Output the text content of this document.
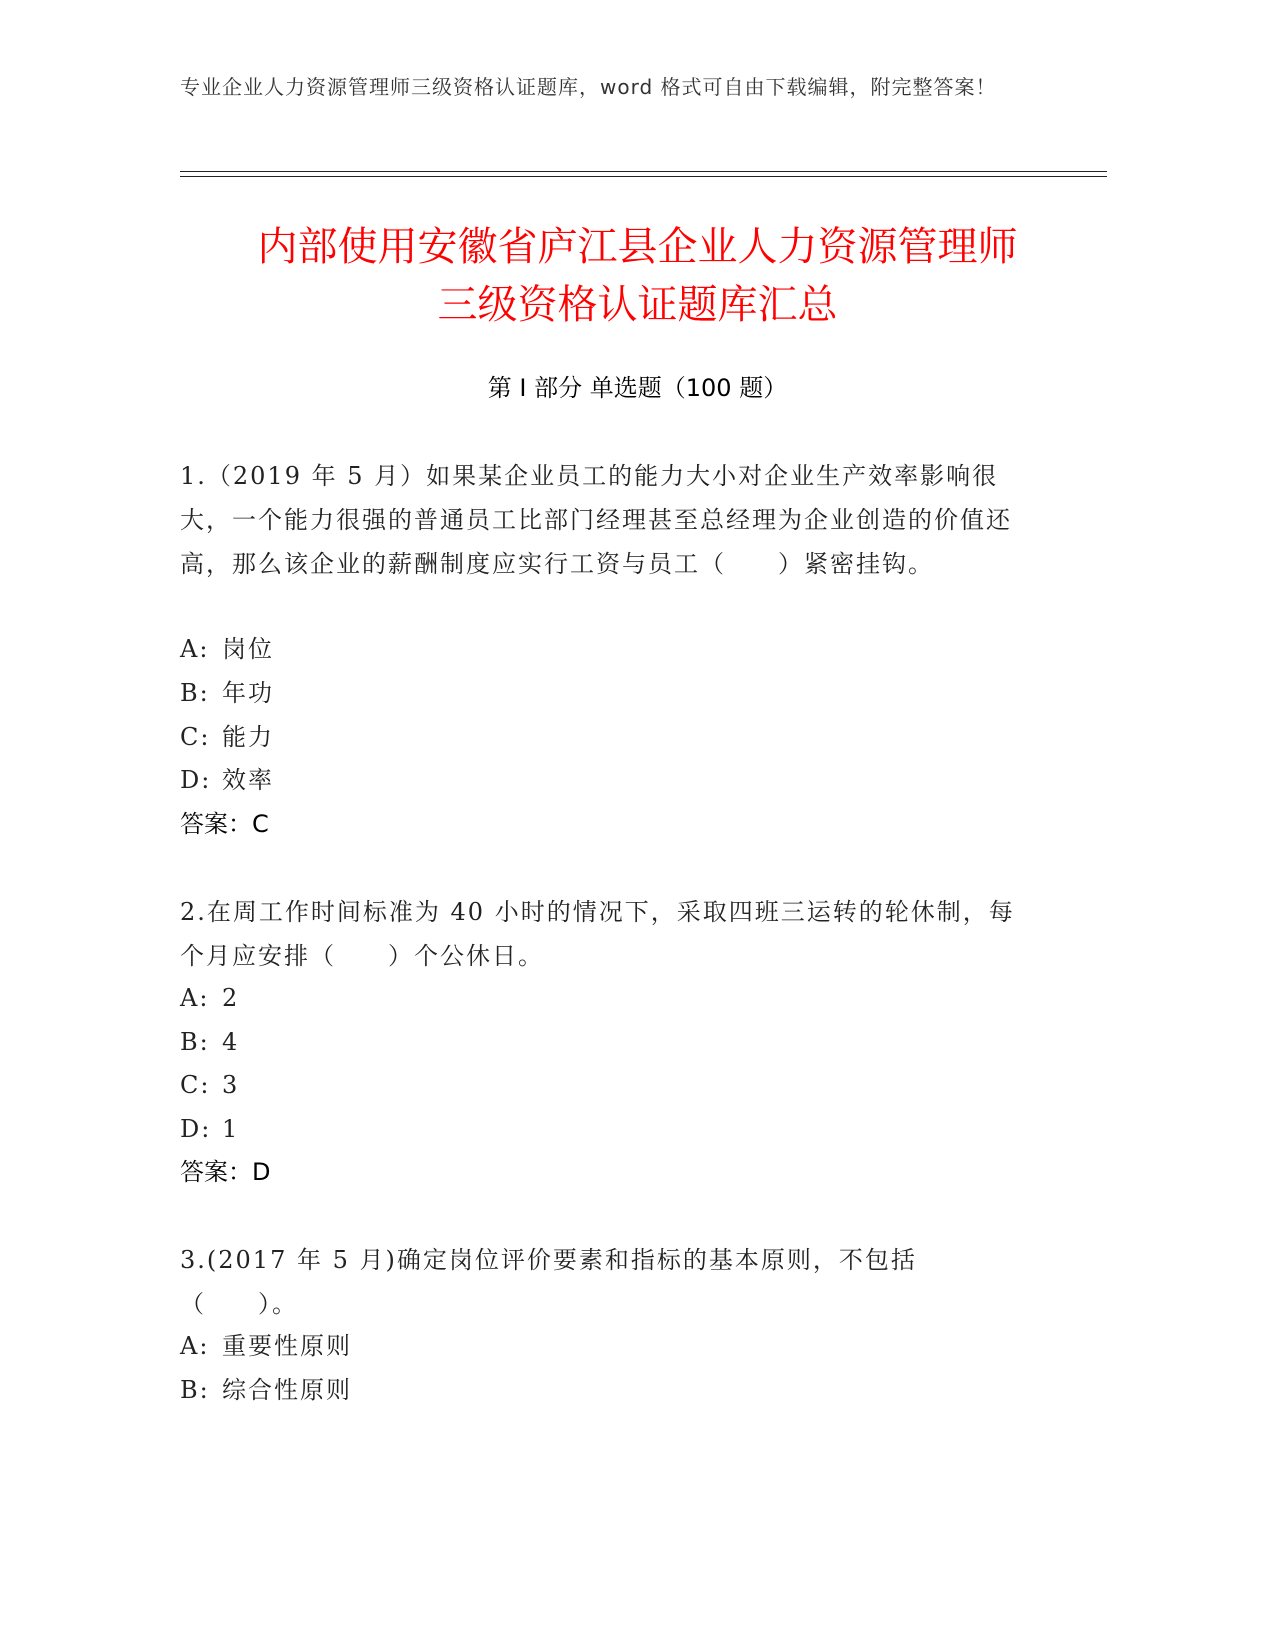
专业企业人力资源管理师三级资格认证题库，word 格式可自由下载编辑，附完整答案！
内部使用安徽省庐江县企业人力资源管理师
三级资格认证题库汇总
第 I 部分 单选题（100 题）
1.（2019 年 5 月）如果某企业员工的能力大小对企业生产效率影响很大，一个能力很强的普通员工比部门经理甚至总经理为企业创造的价值还高，那么该企业的薪酬制度应实行工资与员工（　　）紧密挂钩。
A: 岗位
B: 年功
C: 能力
D: 效率
答案：C
2.在周工作时间标准为 40 小时的情况下，采取四班三运转的轮休制，每个月应安排（　　）个公休日。
A: 2
B: 4
C: 3
D: 1
答案：D
3.(2017 年 5 月)确定岗位评价要素和指标的基本原则，不包括（　　）。
A: 重要性原则
B: 综合性原则
